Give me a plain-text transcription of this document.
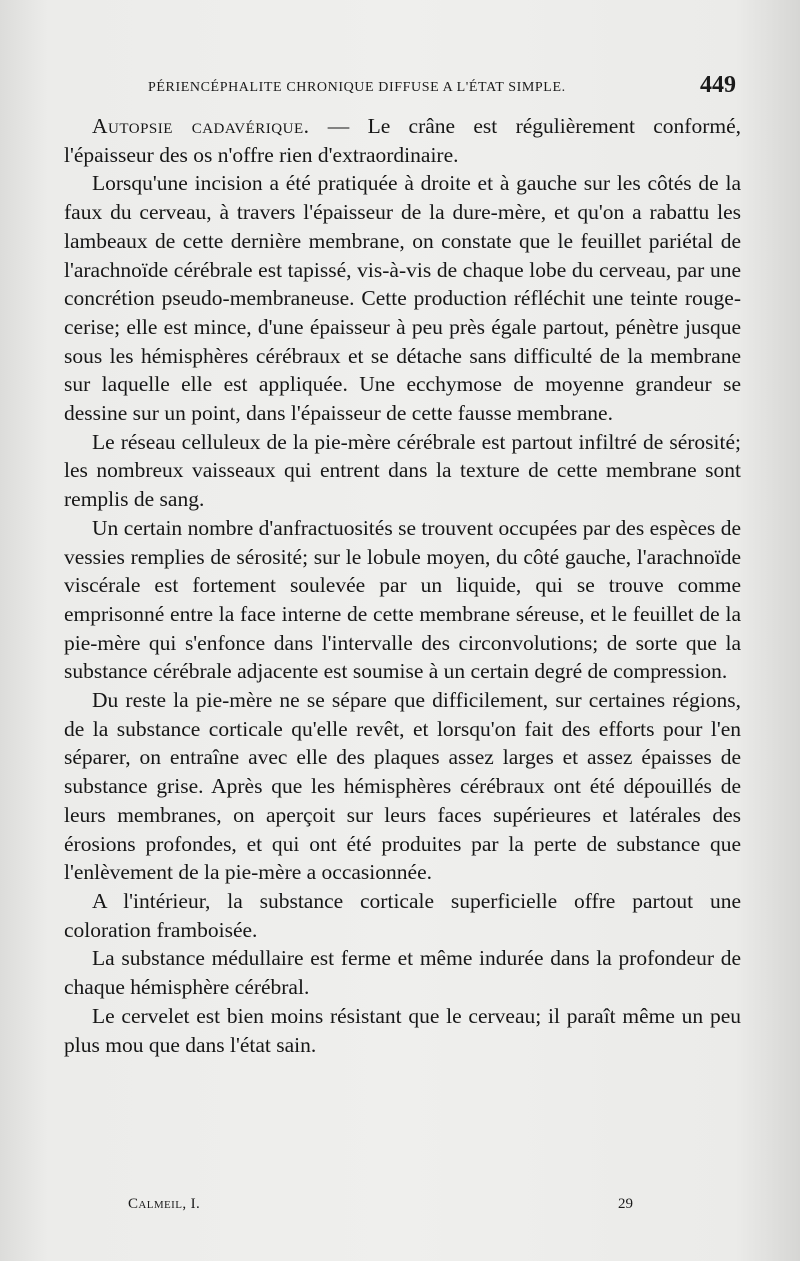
PÉRIENCÉPHALITE CHRONIQUE DIFFUSE A L'ÉTAT SIMPLE.	449

Autopsie cadavérique. — Le crâne est régulièrement conformé, l'épaisseur des os n'offre rien d'extraordinaire.

Lorsqu'une incision a été pratiquée à droite et à gauche sur les côtés de la faux du cerveau, à travers l'épaisseur de la dure-mère, et qu'on a rabattu les lambeaux de cette dernière membrane, on constate que le feuillet pariétal de l'arachnoïde cérébrale est tapissé, vis-à-vis de chaque lobe du cerveau, par une concrétion pseudo-membraneuse. Cette production réfléchit une teinte rouge-cerise; elle est mince, d'une épaisseur à peu près égale partout, pénètre jusque sous les hémisphères cérébraux et se détache sans difficulté de la membrane sur laquelle elle est appliquée. Une ecchymose de moyenne grandeur se dessine sur un point, dans l'épaisseur de cette fausse membrane.

Le réseau celluleux de la pie-mère cérébrale est partout infiltré de sérosité; les nombreux vaisseaux qui entrent dans la texture de cette membrane sont remplis de sang.

Un certain nombre d'anfractuosités se trouvent occupées par des espèces de vessies remplies de sérosité; sur le lobule moyen, du côté gauche, l'arachnoïde viscérale est fortement soulevée par un liquide, qui se trouve comme emprisonné entre la face interne de cette membrane séreuse, et le feuillet de la pie-mère qui s'enfonce dans l'intervalle des circonvolutions; de sorte que la substance cérébrale adjacente est soumise à un certain degré de compression.

Du reste la pie-mère ne se sépare que difficilement, sur certaines régions, de la substance corticale qu'elle revêt, et lorsqu'on fait des efforts pour l'en séparer, on entraîne avec elle des plaques assez larges et assez épaisses de substance grise. Après que les hémisphères cérébraux ont été dépouillés de leurs membranes, on aperçoit sur leurs faces supérieures et latérales des érosions profondes, et qui ont été produites par la perte de substance que l'enlèvement de la pie-mère a occasionnée.

A l'intérieur, la substance corticale superficielle offre partout une coloration framboisée.

La substance médullaire est ferme et même indurée dans la profondeur de chaque hémisphère cérébral.

Le cervelet est bien moins résistant que le cerveau; il paraît même un peu plus mou que dans l'état sain.

Calmeil, I.	29
